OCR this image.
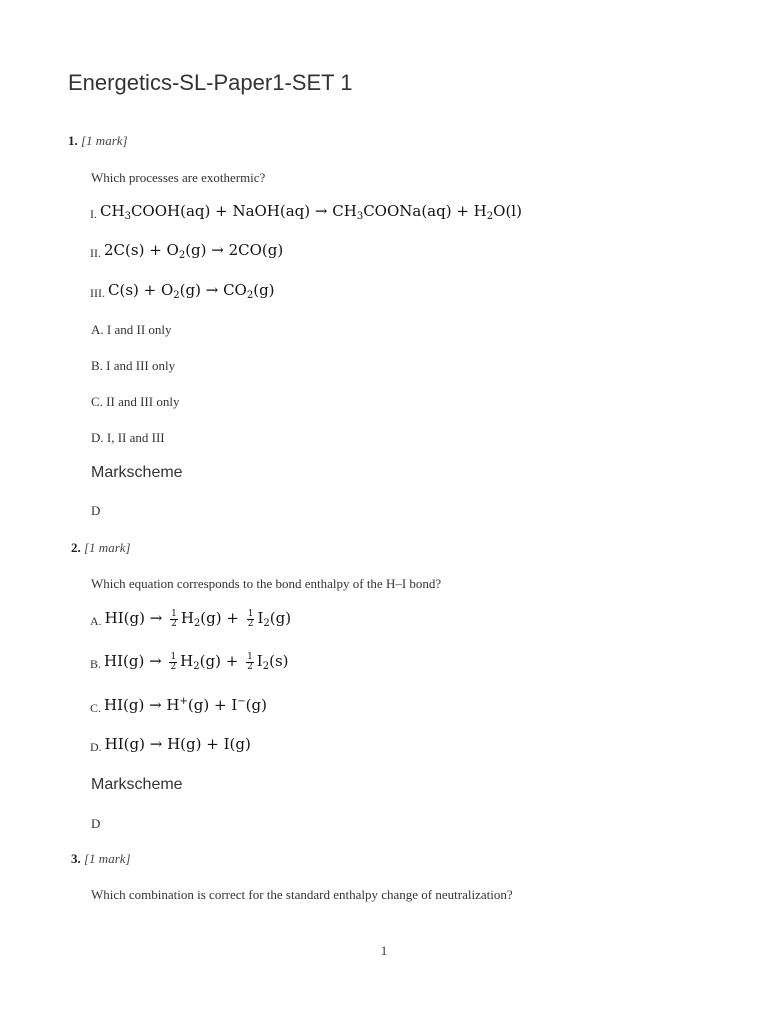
Energetics-SL-Paper1-SET 1
1. [1 mark]
Which processes are exothermic?
I. $CH_3COOH(aq)$ + NaOH(aq) → $CH_3COONa(aq) + H_2O(l)$
II. $2C(s) + O_2(g) \to 2CO(g)$
III. $C(s) + O_2(g) \to CO_2(g)$
A. I and II only
B. I and III only
C. II and III only
D. I, II and III
Markscheme
D
2. [1 mark]
Which equation corresponds to the bond enthalpy of the H–I bond?
A. $HI(g) \to \frac{1}{2} H_2(g) + \frac{1}{2} I_2(g)$
B. $HI(g) \to \frac{1}{2} H_2(g) + \frac{1}{2} I_2(s)$
C. HI(g) → H+(g) + I−(g)
D. HI(g) → H(g) + I(g)
Markscheme
D
3. [1 mark]
Which combination is correct for the standard enthalpy change of neutralization?
1
